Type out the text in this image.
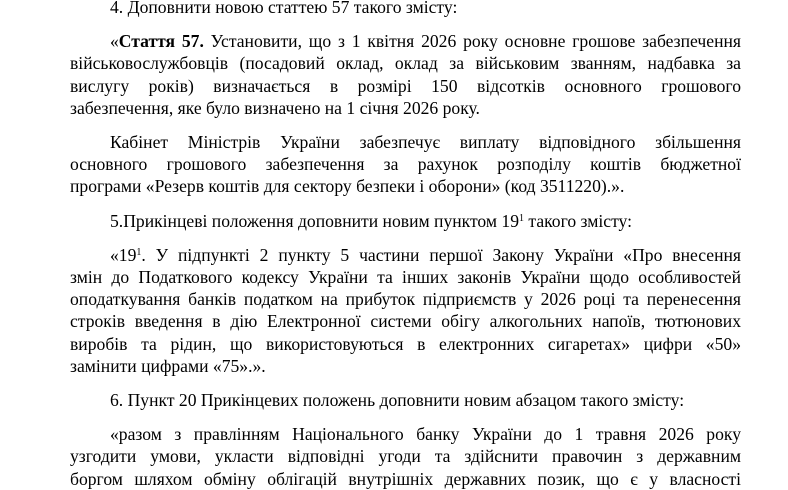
4. Доповнити новою статтею 57 такого змісту:

«Стаття 57. Установити, що з 1 квітня 2026 року основне грошове забезпечення
військовослужбовців (посадовий оклад, оклад за військовим званням, надбавка за
вислугу років) визначається в розмірі 150 відсотків основного грошового
забезпечення, яке було визначено на 1 січня 2026 року.

Кабінет Міністрів України забезпечує виплату відповідного збільшення
основного грошового забезпечення за рахунок розподілу коштів бюджетної
програми «Резерв коштів для сектору безпеки і оборони» (код 3511220).».

5.Прикінцеві положення доповнити новим пунктом $19^1$ такого змісту:

«$19^1$. У підпункті 2 пункту 5 частини першої Закону України «Про внесення
змін до Податкового кодексу України та інших законів України щодо особливостей
оподаткування банків податком на прибуток підприємств у 2026 році та перенесення
строків введення в дію Електронної системи обігу алкогольних напоїв, тютюнових
виробів та рідин, що використовуються в електронних сигаретах» цифри «50»
замінити цифрами «75».».

6. Пункт 20 Прикінцевих положень доповнити новим абзацом такого змісту:

«разом з правлінням Національного банку України до 1 травня 2026 року
узгодити умови, укласти відповідні угоди та здійснити правочин з державним
боргом шляхом обміну облігацій внутрішніх державних позик, що є у власності
